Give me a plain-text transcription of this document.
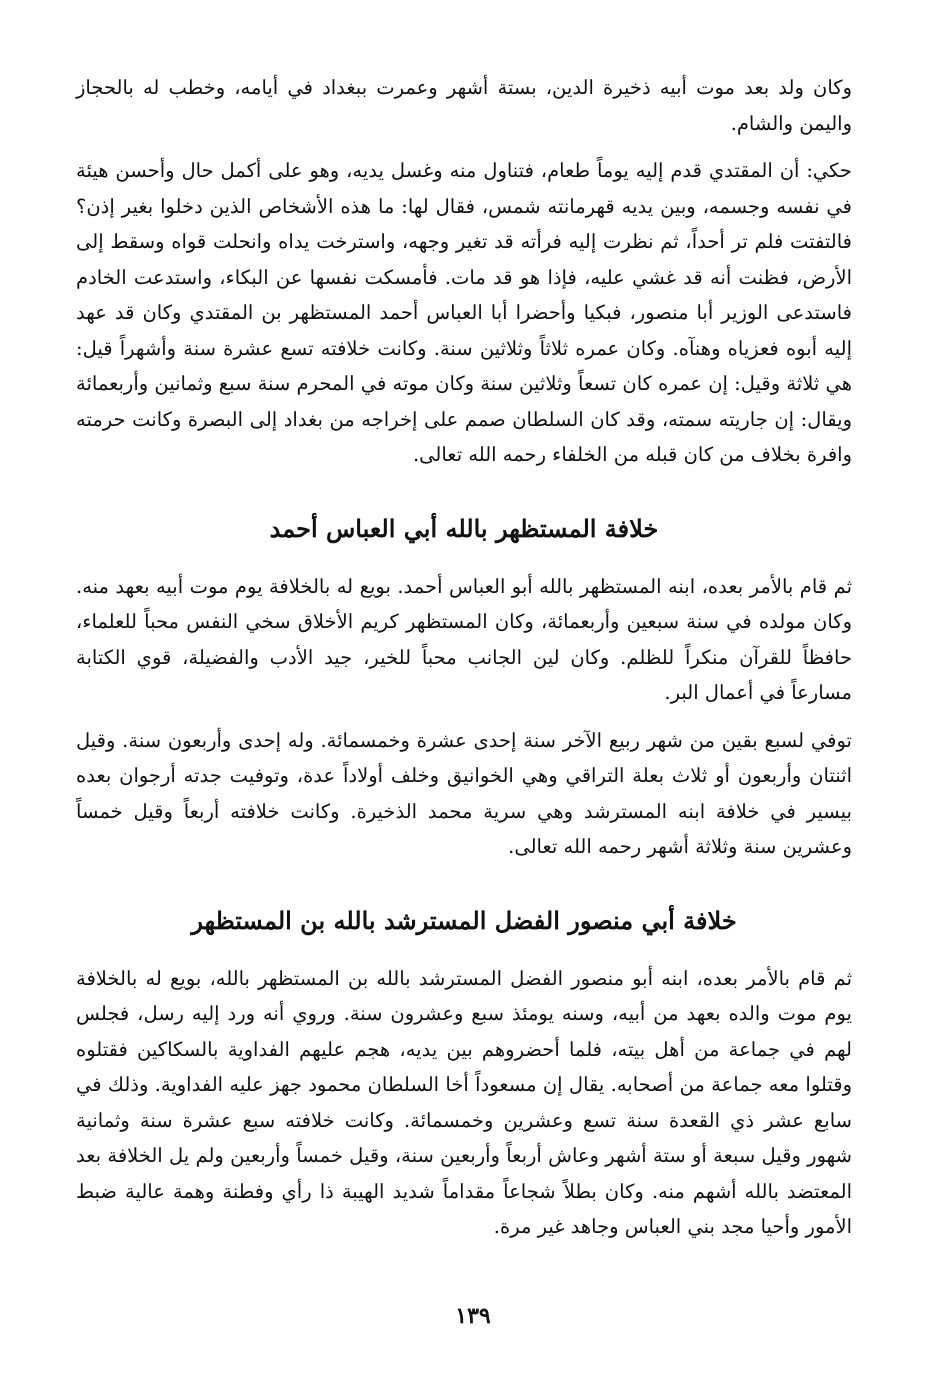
وكان ولد بعد موت أبيه ذخيرة الدين، بستة أشهر وعمرت ببغداد في أيامه، وخطب له بالحجاز واليمن والشام.

حكي: أن المقتدي قدم إليه يوماً طعام، فتناول منه وغسل يديه، وهو على أكمل حال وأحسن هيئة في نفسه وجسمه، وبين يديه قهرمانته شمس، فقال لها: ما هذه الأشخاص الذين دخلوا بغير إذن؟ فالتفتت فلم تر أحداً، ثم نظرت إليه فرأته قد تغير وجهه، واسترخت يداه وانحلت قواه وسقط إلى الأرض، فظنت أنه قد غشي عليه، فإذا هو قد مات. فأمسكت نفسها عن البكاء، واستدعت الخادم فاستدعى الوزير أبا منصور، فبكيا وأحضرا أبا العباس أحمد المستظهر بن المقتدي وكان قد عهد إليه أبوه فعزياه وهنآه. وكان عمره ثلاثاً وثلاثين سنة. وكانت خلافته تسع عشرة سنة وأشهراً قيل: هي ثلاثة وقيل: إن عمره كان تسعاً وثلاثين سنة وكان موته في المحرم سنة سبع وثمانين وأربعمائة ويقال: إن جاريته سمته، وقد كان السلطان صمم على إخراجه من بغداد إلى البصرة وكانت حرمته وافرة بخلاف من كان قبله من الخلفاء رحمه الله تعالى.

خلافة المستظهر بالله أبي العباس أحمد

ثم قام بالأمر بعده، ابنه المستظهر بالله أبو العباس أحمد. بويع له بالخلافة يوم موت أبيه بعهد منه. وكان مولده في سنة سبعين وأربعمائة، وكان المستظهر كريم الأخلاق سخي النفس محباً للعلماء، حافظاً للقرآن منكراً للظلم. وكان لين الجانب محباً للخير، جيد الأدب والفضيلة، قوي الكتابة مسارعاً في أعمال البر.

توفي لسبع بقين من شهر ربيع الآخر سنة إحدى عشرة وخمسمائة. وله إحدى وأربعون سنة. وقيل اثنتان وأربعون أو ثلاث بعلة التراقي وهي الخوانيق وخلف أولاداً عدة، وتوفيت جدته أرجوان بعده بيسير في خلافة ابنه المسترشد وهي سرية محمد الذخيرة. وكانت خلافته أربعاً وقيل خمساً وعشرين سنة وثلاثة أشهر رحمه الله تعالى.

خلافة أبي منصور الفضل المسترشد بالله بن المستظهر

ثم قام بالأمر بعده، ابنه أبو منصور الفضل المسترشد بالله بن المستظهر بالله، بويع له بالخلافة يوم موت والده بعهد من أبيه، وسنه يومئذ سبع وعشرون سنة. وروي أنه ورد إليه رسل، فجلس لهم في جماعة من أهل بيته، فلما أحضروهم بين يديه، هجم عليهم الفداوية بالسكاكين فقتلوه وقتلوا معه جماعة من أصحابه. يقال إن مسعوداً أخا السلطان محمود جهز عليه الفداوية. وذلك في سابع عشر ذي القعدة سنة تسع وعشرين وخمسمائة. وكانت خلافته سبع عشرة سنة وثمانية شهور وقيل سبعة أو ستة أشهر وعاش أربعاً وأربعين سنة، وقيل خمساً وأربعين ولم يل الخلافة بعد المعتضد بالله أشهم منه. وكان بطلاً شجاعاً مقداماً شديد الهيبة ذا رأي وفطنة وهمة عالية ضبط الأمور وأحيا مجد بني العباس وجاهد غير مرة.

١٣٩
